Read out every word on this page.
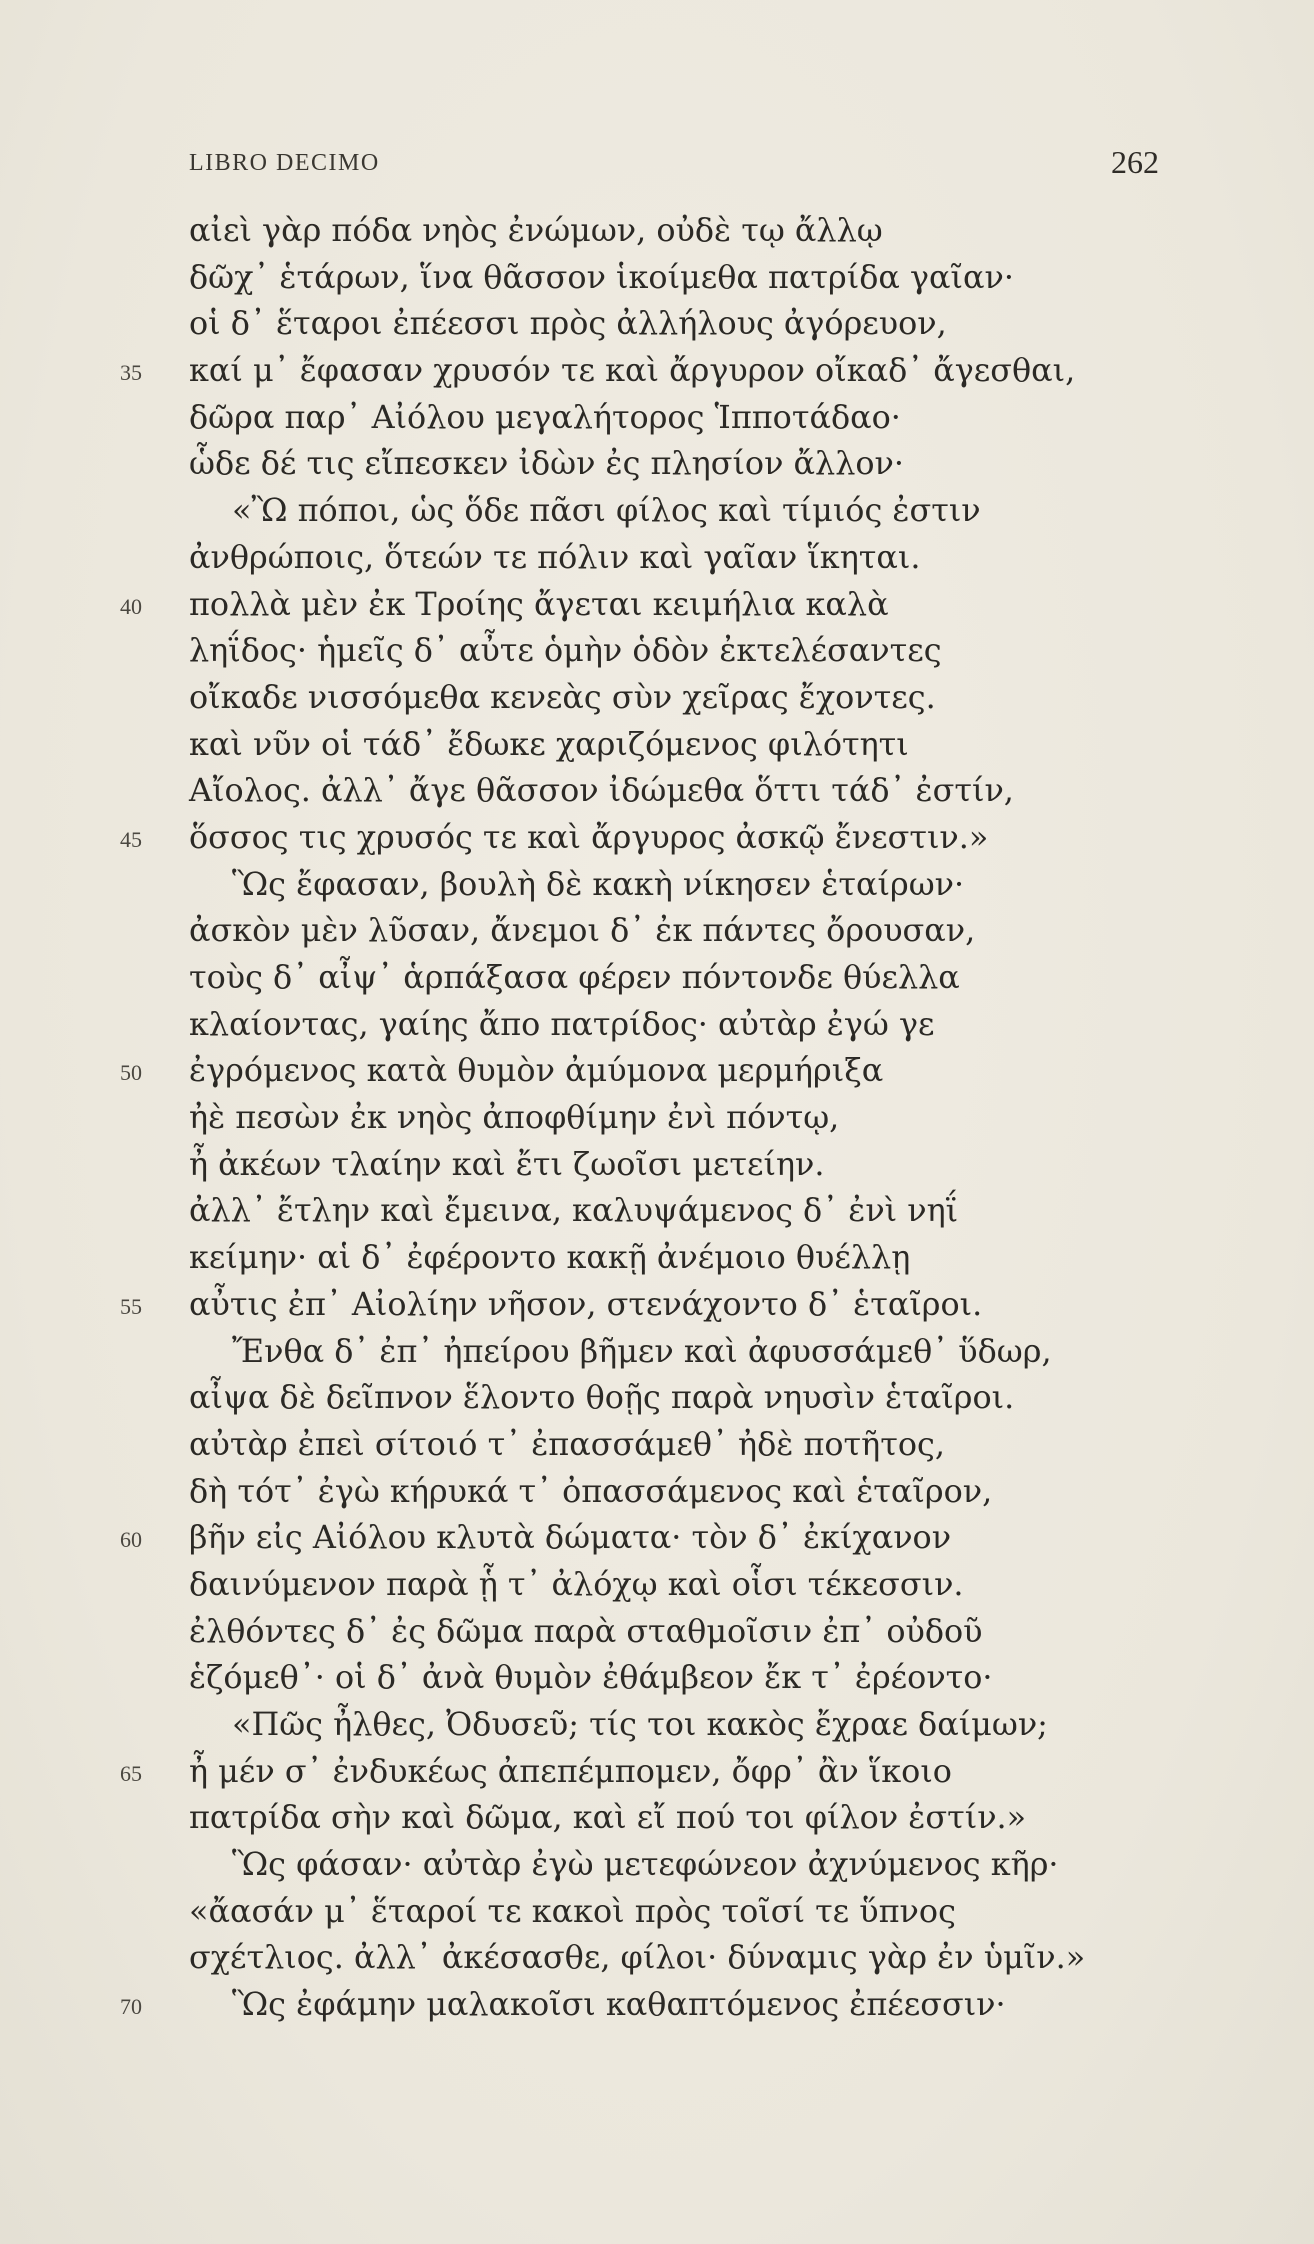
LIBRO DECIMO	262
αἰεὶ γὰρ πόδα νηὸς ἐνώμων, οὐδὲ τῳ ἄλλῳ
δῶχ᾽ ἑτάρων, ἵνα θᾶσσον ἱκοίμεθα πατρίδα γαῖαν·
οἱ δ᾽ ἕταροι ἐπέεσσι πρὸς ἀλλήλους ἀγόρευον,
35 καί μ᾽ ἔφασαν χρυσόν τε καὶ ἄργυρον οἴκαδ᾽ ἄγεσθαι,
δῶρα παρ᾽ Αἰόλου μεγαλήτορος Ἱπποτάδαο·
ὧδε δέ τις εἴπεσκεν ἰδὼν ἐς πλησίον ἄλλον·
«Ὢ πόποι, ὡς ὅδε πᾶσι φίλος καὶ τίμιός ἐστιν
ἀνθρώποις, ὅτεών τε πόλιν καὶ γαῖαν ἵκηται.
40 πολλὰ μὲν ἐκ Τροίης ἄγεται κειμήλια καλὰ
ληΐδος· ἡμεῖς δ᾽ αὖτε ὁμὴν ὁδὸν ἐκτελέσαντες
οἴκαδε νισσόμεθα κενεὰς σὺν χεῖρας ἔχοντες.
καὶ νῦν οἱ τάδ᾽ ἔδωκε χαριζόμενος φιλότητι
Αἴολος. ἀλλ᾽ ἄγε θᾶσσον ἰδώμεθα ὅττι τάδ᾽ ἐστίν,
45 ὅσσος τις χρυσός τε καὶ ἄργυρος ἀσκῷ ἔνεστιν.»
Ὣς ἔφασαν, βουλὴ δὲ κακὴ νίκησεν ἑταίρων·
ἀσκὸν μὲν λῦσαν, ἄνεμοι δ᾽ ἐκ πάντες ὄρουσαν,
τοὺς δ᾽ αἶψ᾽ ἁρπάξασα φέρεν πόντονδε θύελλα
κλαίοντας, γαίης ἄπο πατρίδος· αὐτὰρ ἐγώ γε
50 ἐγρόμενος κατὰ θυμὸν ἀμύμονα μερμήριξα
ἠὲ πεσὼν ἐκ νηὸς ἀποφθίμην ἐνὶ πόντῳ,
ἦ ἀκέων τλαίην καὶ ἔτι ζωοῖσι μετείην.
ἀλλ᾽ ἔτλην καὶ ἔμεινα, καλυψάμενος δ᾽ ἐνὶ νηΐ
κείμην· αἱ δ᾽ ἐφέροντο κακῇ ἀνέμοιο θυέλλῃ
55 αὖτις ἐπ᾽ Αἰολίην νῆσον, στενάχοντο δ᾽ ἑταῖροι.
Ἔνθα δ᾽ ἐπ᾽ ἠπείρου βῆμεν καὶ ἀφυσσάμεθ᾽ ὕδωρ,
αἶψα δὲ δεῖπνον ἕλοντο θοῇς παρὰ νηυσὶν ἑταῖροι.
αὐτὰρ ἐπεὶ σίτοιό τ᾽ ἐπασσάμεθ᾽ ἠδὲ ποτῆτος,
δὴ τότ᾽ ἐγὼ κήρυκά τ᾽ ὀπασσάμενος καὶ ἑταῖρον,
60 βῆν εἰς Αἰόλου κλυτὰ δώματα· τὸν δ᾽ ἐκίχανον
δαινύμενον παρὰ ᾗ τ᾽ ἀλόχῳ καὶ οἷσι τέκεσσιν.
ἐλθόντες δ᾽ ἐς δῶμα παρὰ σταθμοῖσιν ἐπ᾽ οὐδοῦ
ἑζόμεθ᾽· οἱ δ᾽ ἀνὰ θυμὸν ἐθάμβεον ἔκ τ᾽ ἐρέοντο·
«Πῶς ἦλθες, Ὀδυσεῦ; τίς τοι κακὸς ἔχραε δαίμων;
65 ἦ μέν σ᾽ ἐνδυκέως ἀπεπέμπομεν, ὄφρ᾽ ἂν ἵκοιο
πατρίδα σὴν καὶ δῶμα, καὶ εἴ πού τοι φίλον ἐστίν.»
Ὣς φάσαν· αὐτὰρ ἐγὼ μετεφώνεον ἀχνύμενος κῆρ·
«ἄασάν μ᾽ ἕταροί τε κακοὶ πρὸς τοῖσί τε ὕπνος
σχέτλιος. ἀλλ᾽ ἀκέσασθε, φίλοι· δύναμις γὰρ ἐν ὑμῖν.»
70	Ὣς ἐφάμην μαλακοῖσι καθαπτόμενος ἐπέεσσιν·
